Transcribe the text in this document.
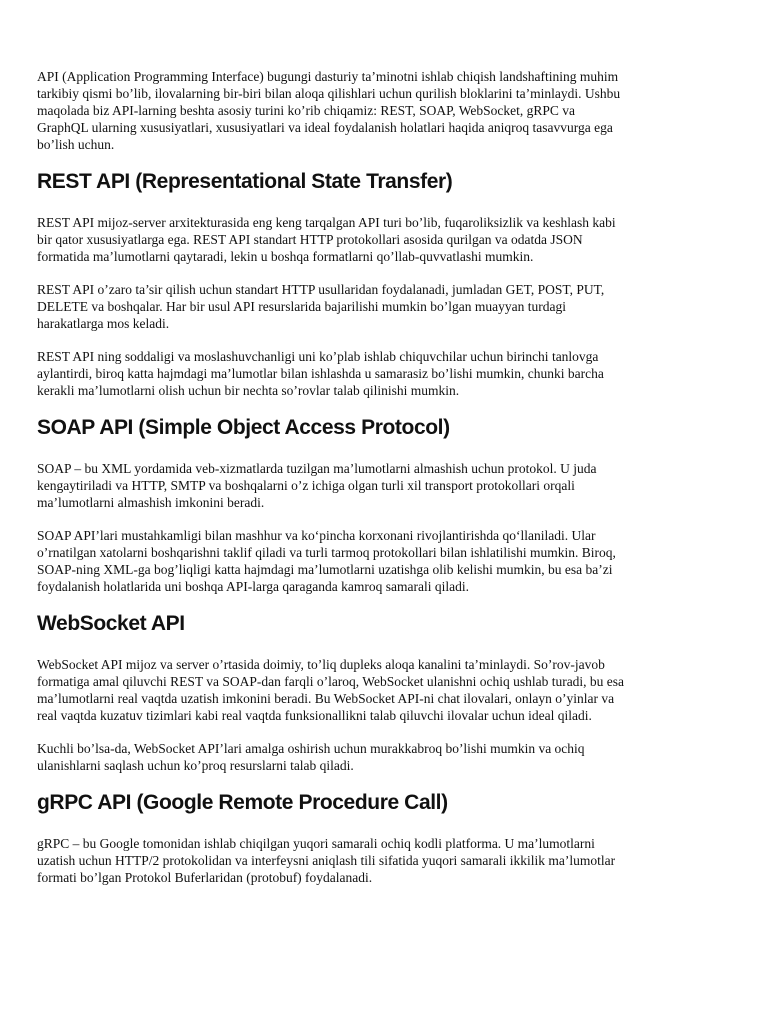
API (Application Programming Interface) bugungi dasturiy ta’minotni ishlab chiqish landshaftining muhim
tarkibiy qismi bo’lib, ilovalarning bir-biri bilan aloqa qilishlari uchun qurilish bloklarini ta’minlaydi. Ushbu
maqolada biz API-larning beshta asosiy turini ko’rib chiqamiz: REST, SOAP, WebSocket, gRPC va
GraphQL ularning xususiyatlari, xususiyatlari va ideal foydalanish holatlari haqida aniqroq tasavvurga ega
bo’lish uchun.

REST API (Representational State Transfer)

REST API mijoz-server arxitekturasida eng keng tarqalgan API turi bo’lib, fuqaroliksizlik va keshlash kabi
bir qator xususiyatlarga ega. REST API standart HTTP protokollari asosida qurilgan va odatda JSON
formatida ma’lumotlarni qaytaradi, lekin u boshqa formatlarni qo’llab-quvvatlashi mumkin.

REST API o’zaro ta’sir qilish uchun standart HTTP usullaridan foydalanadi, jumladan GET, POST, PUT,
DELETE va boshqalar. Har bir usul API resurslarida bajarilishi mumkin bo’lgan muayyan turdagi
harakatlarga mos keladi.

REST API ning soddaligi va moslashuvchanligi uni ko’plab ishlab chiquvchilar uchun birinchi tanlovga
aylantirdi, biroq katta hajmdagi ma’lumotlar bilan ishlashda u samarasiz bo’lishi mumkin, chunki barcha
kerakli ma’lumotlarni olish uchun bir nechta so’rovlar talab qilinishi mumkin.

SOAP API (Simple Object Access Protocol)

SOAP – bu XML yordamida veb-xizmatlarda tuzilgan ma’lumotlarni almashish uchun protokol. U juda
kengaytiriladi va HTTP, SMTP va boshqalarni o’z ichiga olgan turli xil transport protokollari orqali
ma’lumotlarni almashish imkonini beradi.

SOAP API’lari mustahkamligi bilan mashhur va ko‘pincha korxonani rivojlantirishda qo‘llaniladi. Ular
o’rnatilgan xatolarni boshqarishni taklif qiladi va turli tarmoq protokollari bilan ishlatilishi mumkin. Biroq,
SOAP-ning XML-ga bog’liqligi katta hajmdagi ma’lumotlarni uzatishga olib kelishi mumkin, bu esa ba’zi
foydalanish holatlarida uni boshqa API-larga qaraganda kamroq samarali qiladi.

WebSocket API

WebSocket API mijoz va server o’rtasida doimiy, to’liq dupleks aloqa kanalini ta’minlaydi. So’rov-javob
formatiga amal qiluvchi REST va SOAP-dan farqli o’laroq, WebSocket ulanishni ochiq ushlab turadi, bu esa
ma’lumotlarni real vaqtda uzatish imkonini beradi. Bu WebSocket API-ni chat ilovalari, onlayn o’yinlar va
real vaqtda kuzatuv tizimlari kabi real vaqtda funksionallikni talab qiluvchi ilovalar uchun ideal qiladi.

Kuchli bo’lsa-da, WebSocket API’lari amalga oshirish uchun murakkabroq bo’lishi mumkin va ochiq
ulanishlarni saqlash uchun ko’proq resurslarni talab qiladi.

gRPC API (Google Remote Procedure Call)

gRPC – bu Google tomonidan ishlab chiqilgan yuqori samarali ochiq kodli platforma. U ma’lumotlarni
uzatish uchun HTTP/2 protokolidan va interfeysni aniqlash tili sifatida yuqori samarali ikkilik ma’lumotlar
formati bo’lgan Protokol Buferlaridan (protobuf) foydalanadi.
